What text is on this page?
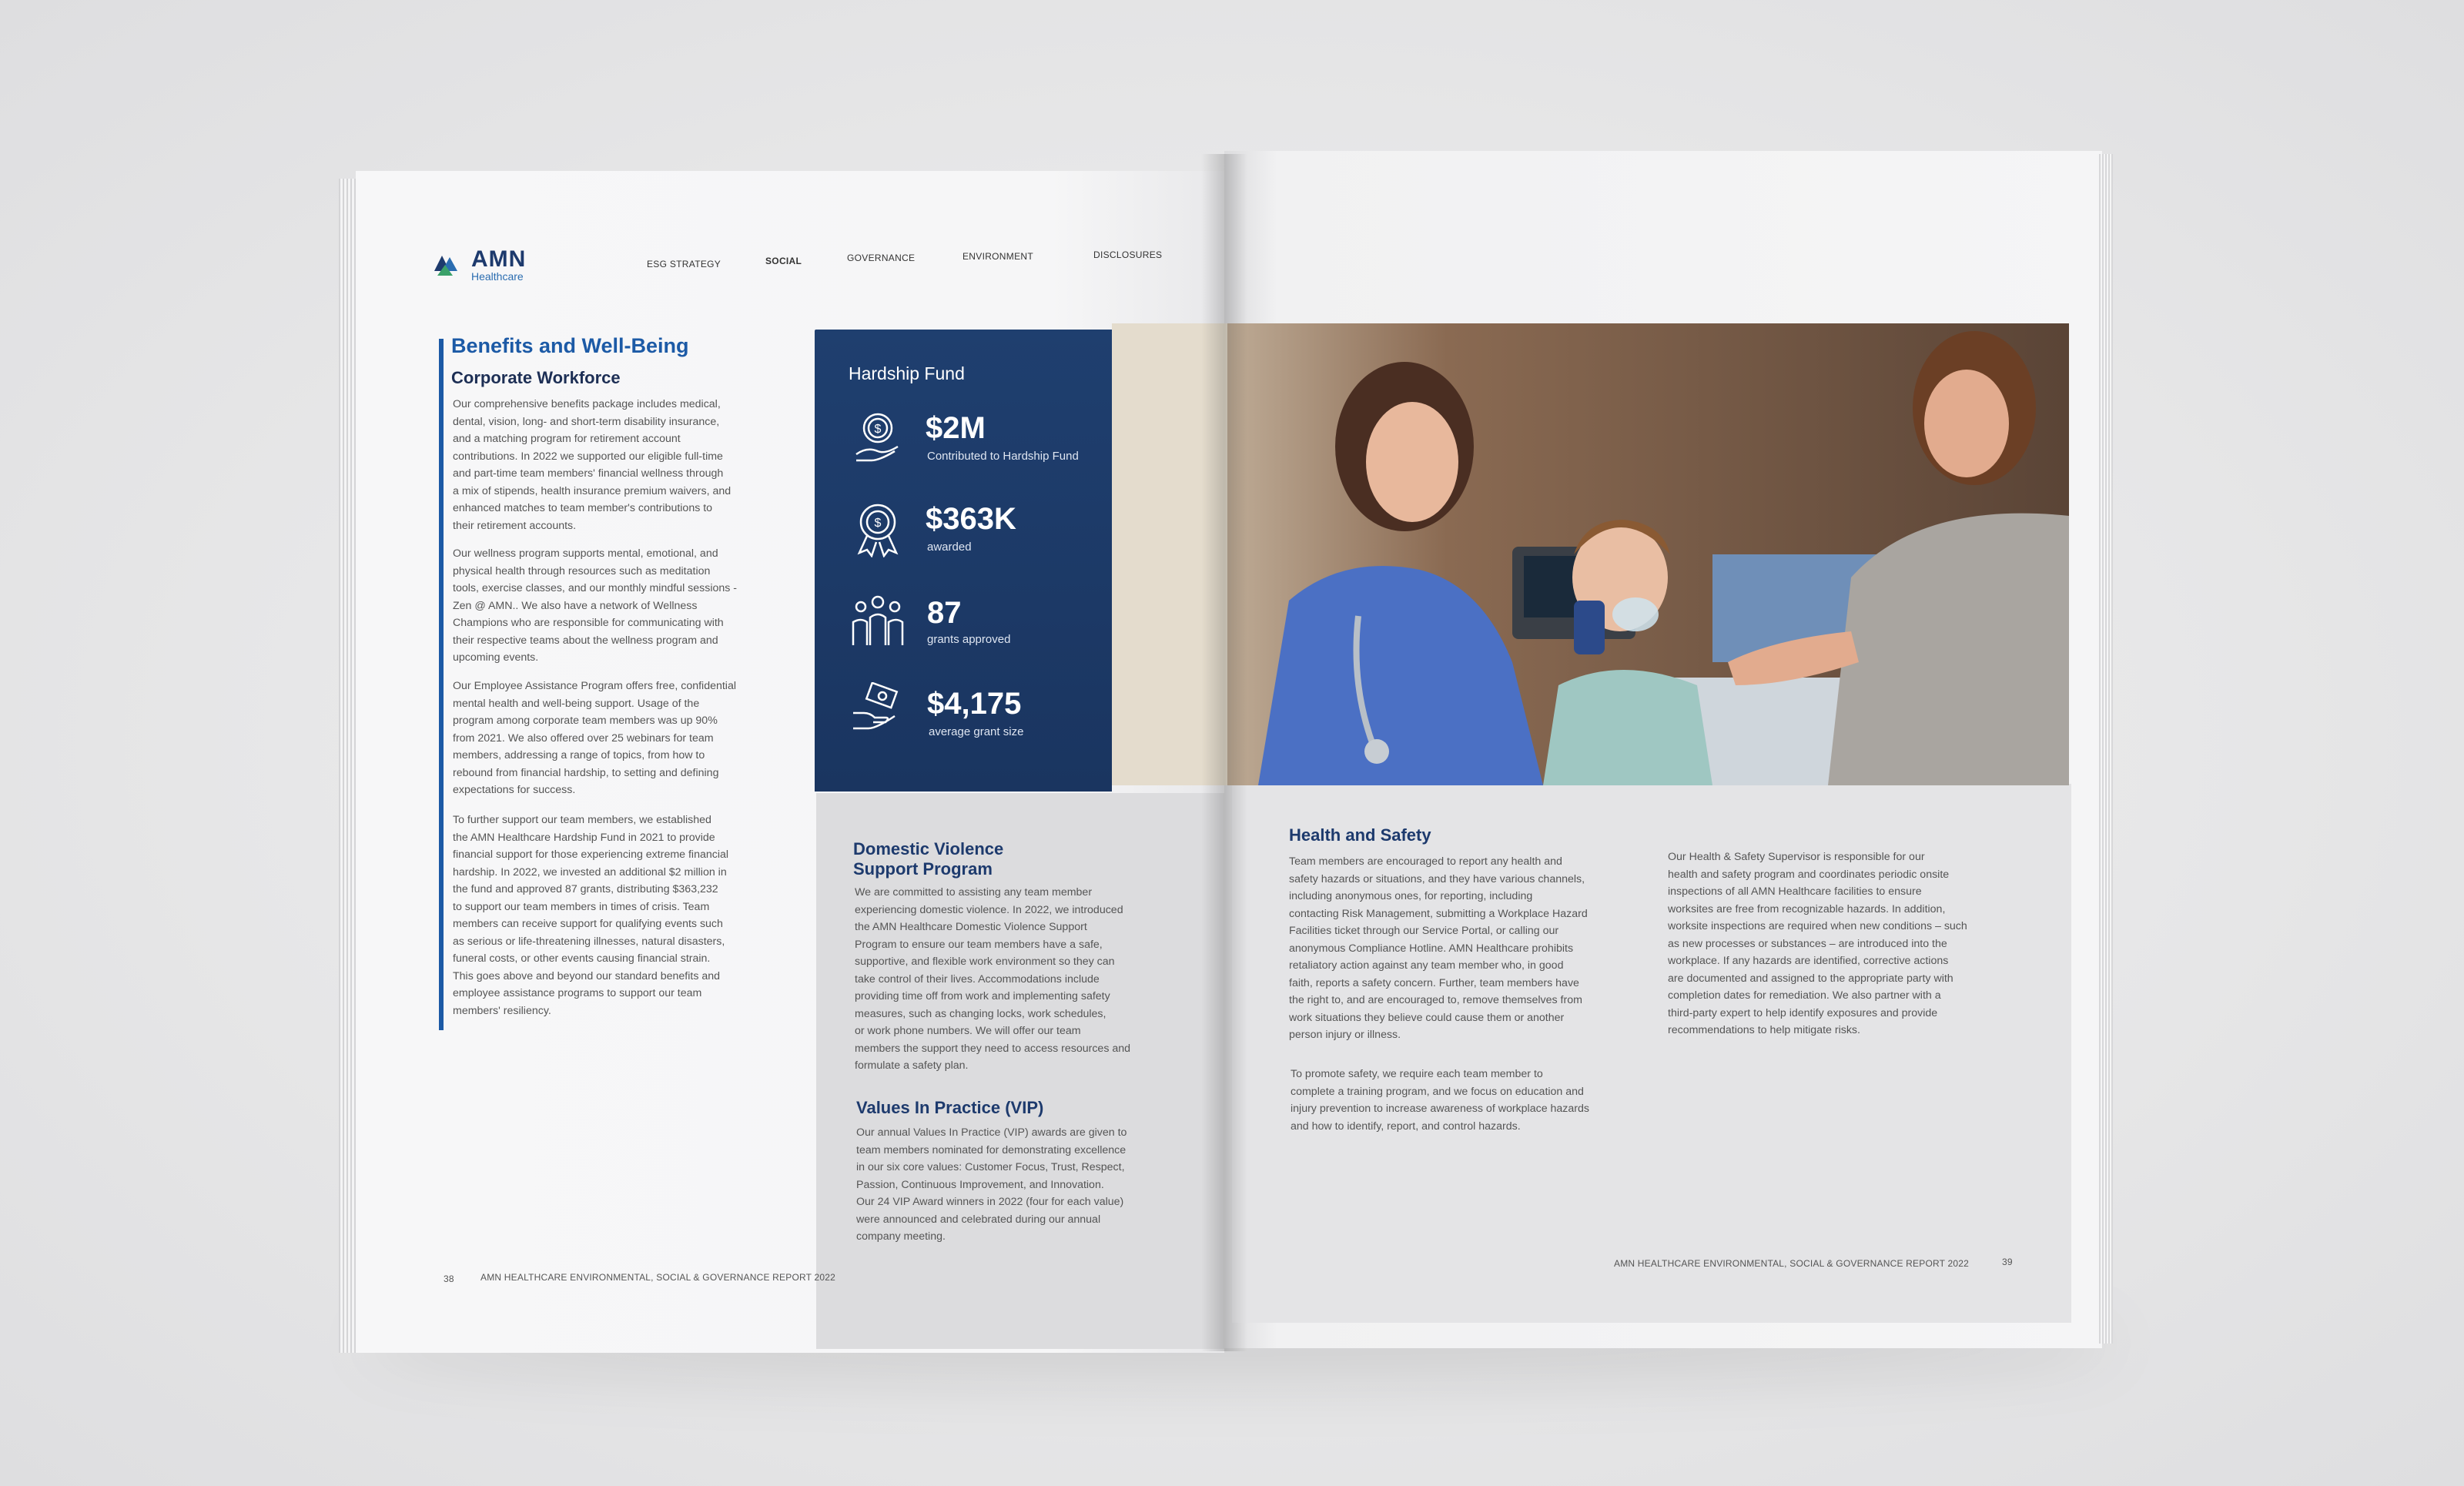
AMN
Healthcare
ESG STRATEGY	SOCIAL	GOVERNANCE	ENVIRONMENT	DISCLOSURES
Benefits and Well-Being
Corporate Workforce
Our comprehensive benefits package includes medical,
dental, vision, long- and short-term disability insurance,
and a matching program for retirement account
contributions. In 2022 we supported our eligible full-time
and part-time team members' financial wellness through
a mix of stipends, health insurance premium waivers, and
enhanced matches to team member's contributions to
their retirement accounts.
Our wellness program supports mental, emotional, and
physical health through resources such as meditation
tools, exercise classes, and our monthly mindful sessions -
Zen @ AMN.. We also have a network of Wellness
Champions who are responsible for communicating with
their respective teams about the wellness program and
upcoming events.
Our Employee Assistance Program offers free, confidential
mental health and well-being support. Usage of the
program among corporate team members was up 90%
from 2021. We also offered over 25 webinars for team
members, addressing a range of topics, from how to
rebound from financial hardship, to setting and defining
expectations for success.
To further support our team members, we established
the AMN Healthcare Hardship Fund in 2021 to provide
financial support for those experiencing extreme financial
hardship. In 2022, we invested an additional $2 million in
the fund and approved 87 grants, distributing $363,232
to support our team members in times of crisis. Team
members can receive support for qualifying events such
as serious or life-threatening illnesses, natural disasters,
funeral costs, or other events causing financial strain.
This goes above and beyond our standard benefits and
employee assistance programs to support our team
members' resiliency.
Hardship Fund
$
$
$2M
Contributed to Hardship Fund
$363K
awarded
87
grants approved
$4,175
average grant size
Domestic Violence
Support Program
We are committed to assisting any team member
experiencing domestic violence. In 2022, we introduced
the AMN Healthcare Domestic Violence Support
Program to ensure our team members have a safe,
supportive, and flexible work environment so they can
take control of their lives. Accommodations include
providing time off from work and implementing safety
measures, such as changing locks, work schedules,
or work phone numbers. We will offer our team
members the support they need to access resources and
formulate a safety plan.
Values In Practice (VIP)
Our annual Values In Practice (VIP) awards are given to
team members nominated for demonstrating excellence
in our six core values: Customer Focus, Trust, Respect,
Passion, Continuous Improvement, and Innovation.
Our 24 VIP Award winners in 2022 (four for each value)
were announced and celebrated during our annual
company meeting.
Health and Safety
Team members are encouraged to report any health and
safety hazards or situations, and they have various channels,
including anonymous ones, for reporting, including
contacting Risk Management, submitting a Workplace Hazard
Facilities ticket through our Service Portal, or calling our
anonymous Compliance Hotline. AMN Healthcare prohibits
retaliatory action against any team member who, in good
faith, reports a safety concern. Further, team members have
the right to, and are encouraged to, remove themselves from
work situations they believe could cause them or another
person injury or illness.
To promote safety, we require each team member to
complete a training program, and we focus on education and
injury prevention to increase awareness of workplace hazards
and how to identify, report, and control hazards.
Our Health & Safety Supervisor is responsible for our
health and safety program and coordinates periodic onsite
inspections of all AMN Healthcare facilities to ensure
worksites are free from recognizable hazards. In addition,
worksite inspections are required when new conditions – such
as new processes or substances – are introduced into the
workplace. If any hazards are identified, corrective actions
are documented and assigned to the appropriate party with
completion dates for remediation. We also partner with a
third-party expert to help identify exposures and provide
recommendations to help mitigate risks.
38	AMN HEALTHCARE ENVIRONMENTAL, SOCIAL & GOVERNANCE REPORT 2022
AMN HEALTHCARE ENVIRONMENTAL, SOCIAL & GOVERNANCE REPORT 2022	39
